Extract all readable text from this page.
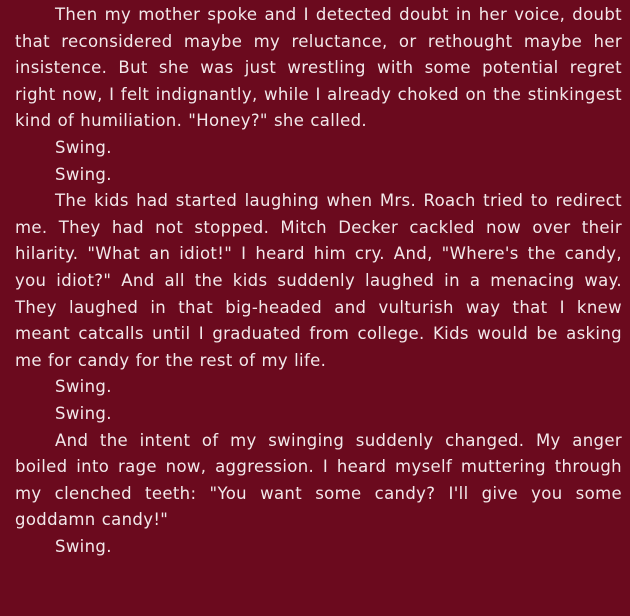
Then my mother spoke and I detected doubt in her voice, doubt that reconsidered maybe my reluctance, or rethought maybe her insistence. But she was just wrestling with some potential regret right now, I felt indignantly, while I already choked on the stinkingest kind of humiliation. "Honey?" she called.

Swing.

Swing.

The kids had started laughing when Mrs. Roach tried to redirect me. They had not stopped. Mitch Decker cackled now over their hilarity. "What an idiot!" I heard him cry. And, "Where's the candy, you idiot?" And all the kids suddenly laughed in a menacing way. They laughed in that big-headed and vulturish way that I knew meant catcalls until I graduated from college. Kids would be asking me for candy for the rest of my life.

Swing.

Swing.

And the intent of my swinging suddenly changed. My anger boiled into rage now, aggression. I heard myself muttering through my clenched teeth: "You want some candy? I'll give you some goddamn candy!"

Swing.
